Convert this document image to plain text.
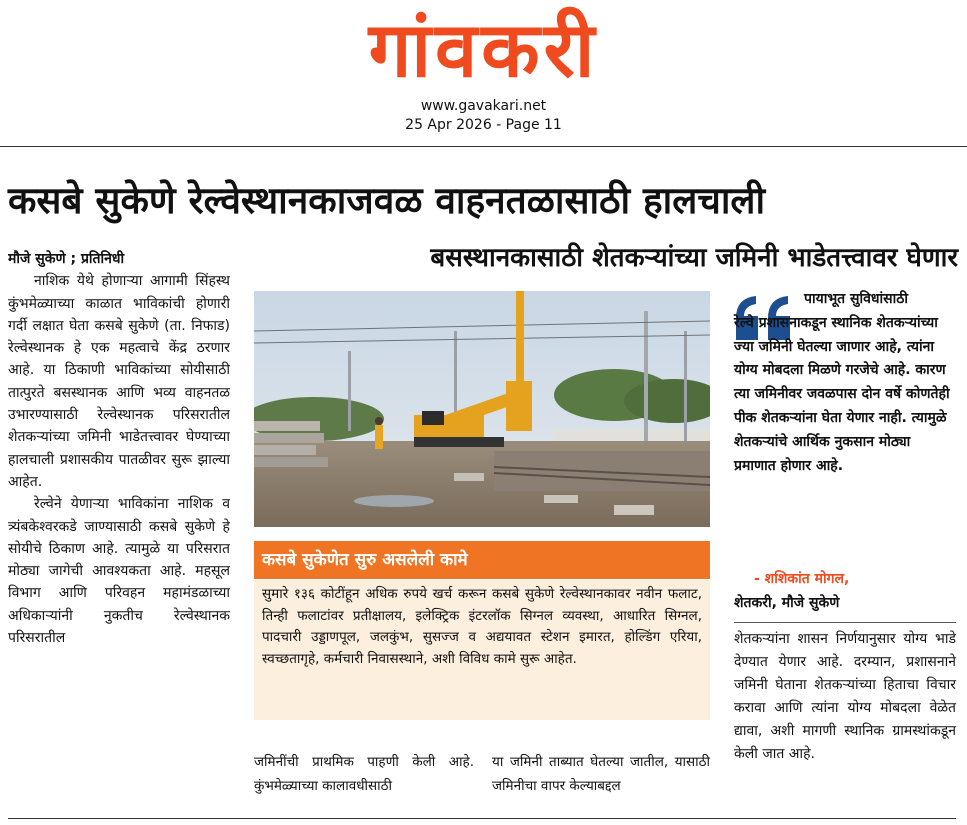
गांवकरी
www.gavakari.net
25 Apr 2026 - Page 11
कसबे सुकेणे रेल्वेस्थानकाजवळ वाहनतळासाठी हालचाली
बसस्थानकासाठी शेतकऱ्यांच्या जमिनी भाडेतत्त्वावर घेणार

मौजे सुकेणे ; प्रतिनिधी

नाशिक येथे होणाऱ्या आगामी सिंहस्थ कुंभमेळ्याच्या काळात भाविकांची होणारी गर्दी लक्षात घेता कसबे सुकेणे (ता. निफाड) रेल्वेस्थानक हे एक महत्वाचे केंद्र ठरणार आहे. या ठिकाणी भाविकांच्या सोयीसाठी तात्पुरते बसस्थानक आणि भव्य वाहनतळ उभारण्यासाठी रेल्वेस्थानक परिसरातील शेतकऱ्यांच्या जमिनी भाडेतत्त्वावर घेण्याच्या हालचाली प्रशासकीय पातळीवर सुरू झाल्या आहेत.

रेल्वेने येणाऱ्या भाविकांना नाशिक व त्र्यंबकेश्वरकडे जाण्यासाठी कसबे सुकेणे हे सोयीचे ठिकाण आहे. त्यामुळे या परिसरात मोठ्या जागेची आवश्यकता आहे. महसूल विभाग आणि परिवहन महामंडळाच्या अधिकाऱ्यांनी नुकतीच रेल्वेस्थानक परिसरातील

कसबे सुकेणेत सुरु असलेली कामे
सुमारे १३६ कोटींहून अधिक रुपये खर्च करून कसबे सुकेणे रेल्वेस्थानकावर नवीन फलाट, तिन्ही फलाटांवर प्रतीक्षालय, इलेक्ट्रिक इंटरलॉक सिग्नल व्यवस्था, आधारित सिग्नल, पादचारी उड्डाणपूल, जलकुंभ, सुसज्ज व अद्ययावत स्टेशन इमारत, होल्डिंग एरिया, स्वच्छतागृहे, कर्मचारी निवासस्थाने, अशी विविध कामे सुरू आहेत.
जमिनींची प्राथमिक पाहणी केली आहे. कुंभमेळ्याच्या कालावधीसाठी
या जमिनी ताब्यात घेतल्या जातील, यासाठी जमिनीचा वापर केल्याबद्दल
पायाभूत सुविधांसाठी
रेल्वे प्रशासनाकडून स्थानिक शेतकऱ्यांच्या ज्या जमिनी घेतल्या जाणार आहे, त्यांना योग्य मोबदला मिळणे गरजेचे आहे. कारण त्या जमिनीवर जवळपास दोन वर्षे कोणतेही पीक शेतकऱ्यांना घेता येणार नाही. त्यामुळे शेतकऱ्यांचे आर्थिक नुकसान मोठ्या प्रमाणात होणार आहे.
- शशिकांत मोगल,
शेतकरी, मौजे सुकेणे
शेतकऱ्यांना शासन निर्णयानुसार योग्य भाडे देण्यात येणार आहे. दरम्यान, प्रशासनाने जमिनी घेताना शेतकऱ्यांच्या हिताचा विचार करावा आणि त्यांना योग्य मोबदला वेळेत द्यावा, अशी मागणी स्थानिक ग्रामस्थांकडून केली जात आहे.
